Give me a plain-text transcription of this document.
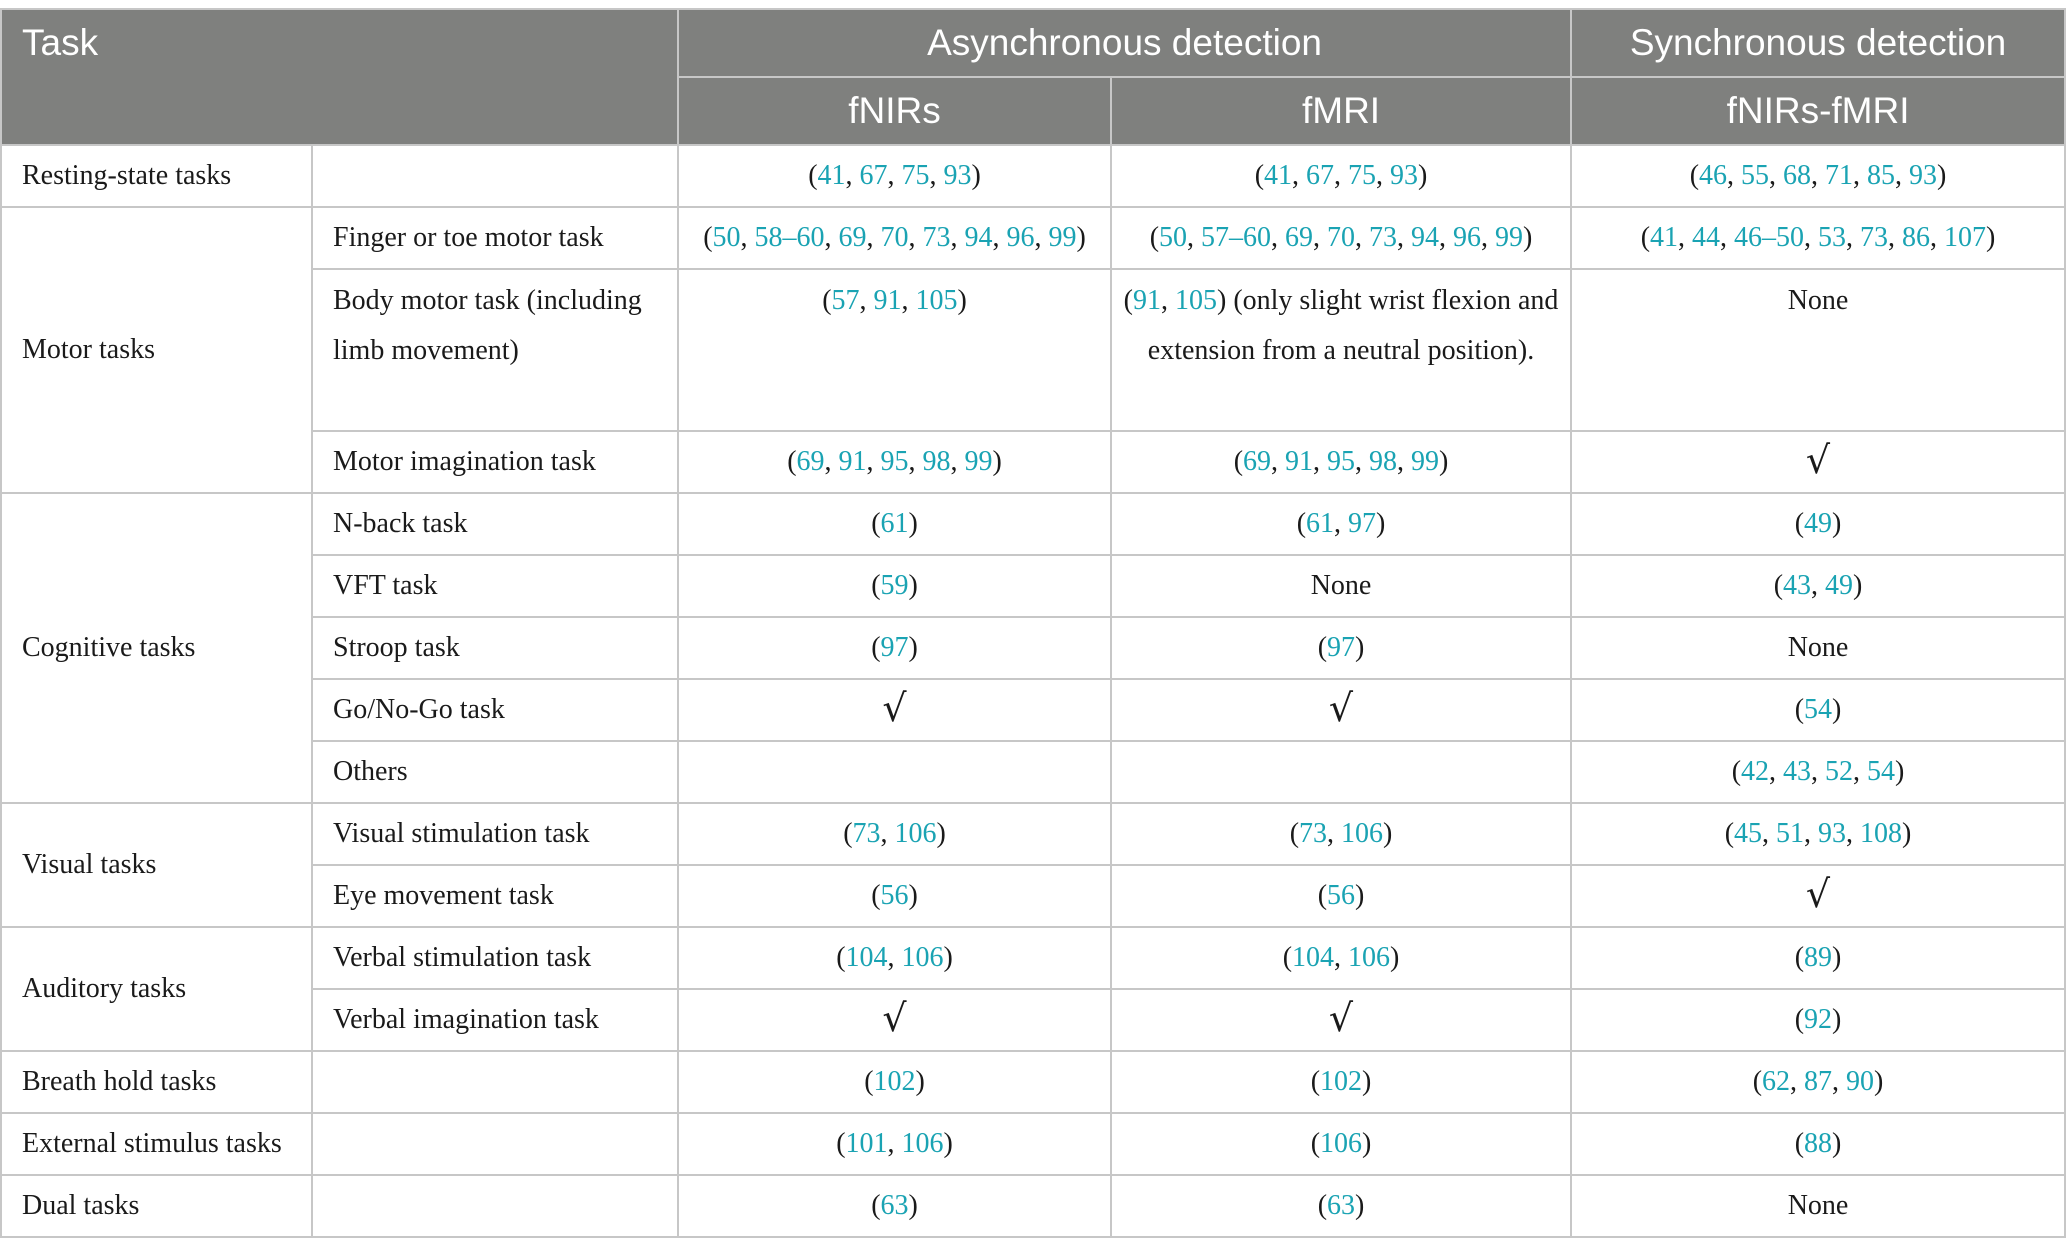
Task		Asynchronous detection		Synchronous detection
		fNIRs	fMRI	fNIRs-fMRI
Resting-state tasks		(41, 67, 75, 93)	(41, 67, 75, 93)	(46, 55, 68, 71, 85, 93)
Motor tasks	Finger or toe motor task	(50, 58–60, 69, 70, 73, 94, 96, 99)	(50, 57–60, 69, 70, 73, 94, 96, 99)	(41, 44, 46–50, 53, 73, 86, 107)
	Body motor task (including limb movement)	(57, 91, 105)	(91, 105) (only slight wrist flexion and extension from a neutral position).	None
	Motor imagination task	(69, 91, 95, 98, 99)	(69, 91, 95, 98, 99)	√
Cognitive tasks	N-back task	(61)	(61, 97)	(49)
	VFT task	(59)	None	(43, 49)
	Stroop task	(97)	(97)	None
	Go/No-Go task	√	√	(54)
	Others			(42, 43, 52, 54)
Visual tasks	Visual stimulation task	(73, 106)	(73, 106)	(45, 51, 93, 108)
	Eye movement task	(56)	(56)	√
Auditory tasks	Verbal stimulation task	(104, 106)	(104, 106)	(89)
	Verbal imagination task	√	√	(92)
Breath hold tasks		(102)	(102)	(62, 87, 90)
External stimulus tasks		(101, 106)	(106)	(88)
Dual tasks		(63)	(63)	None
